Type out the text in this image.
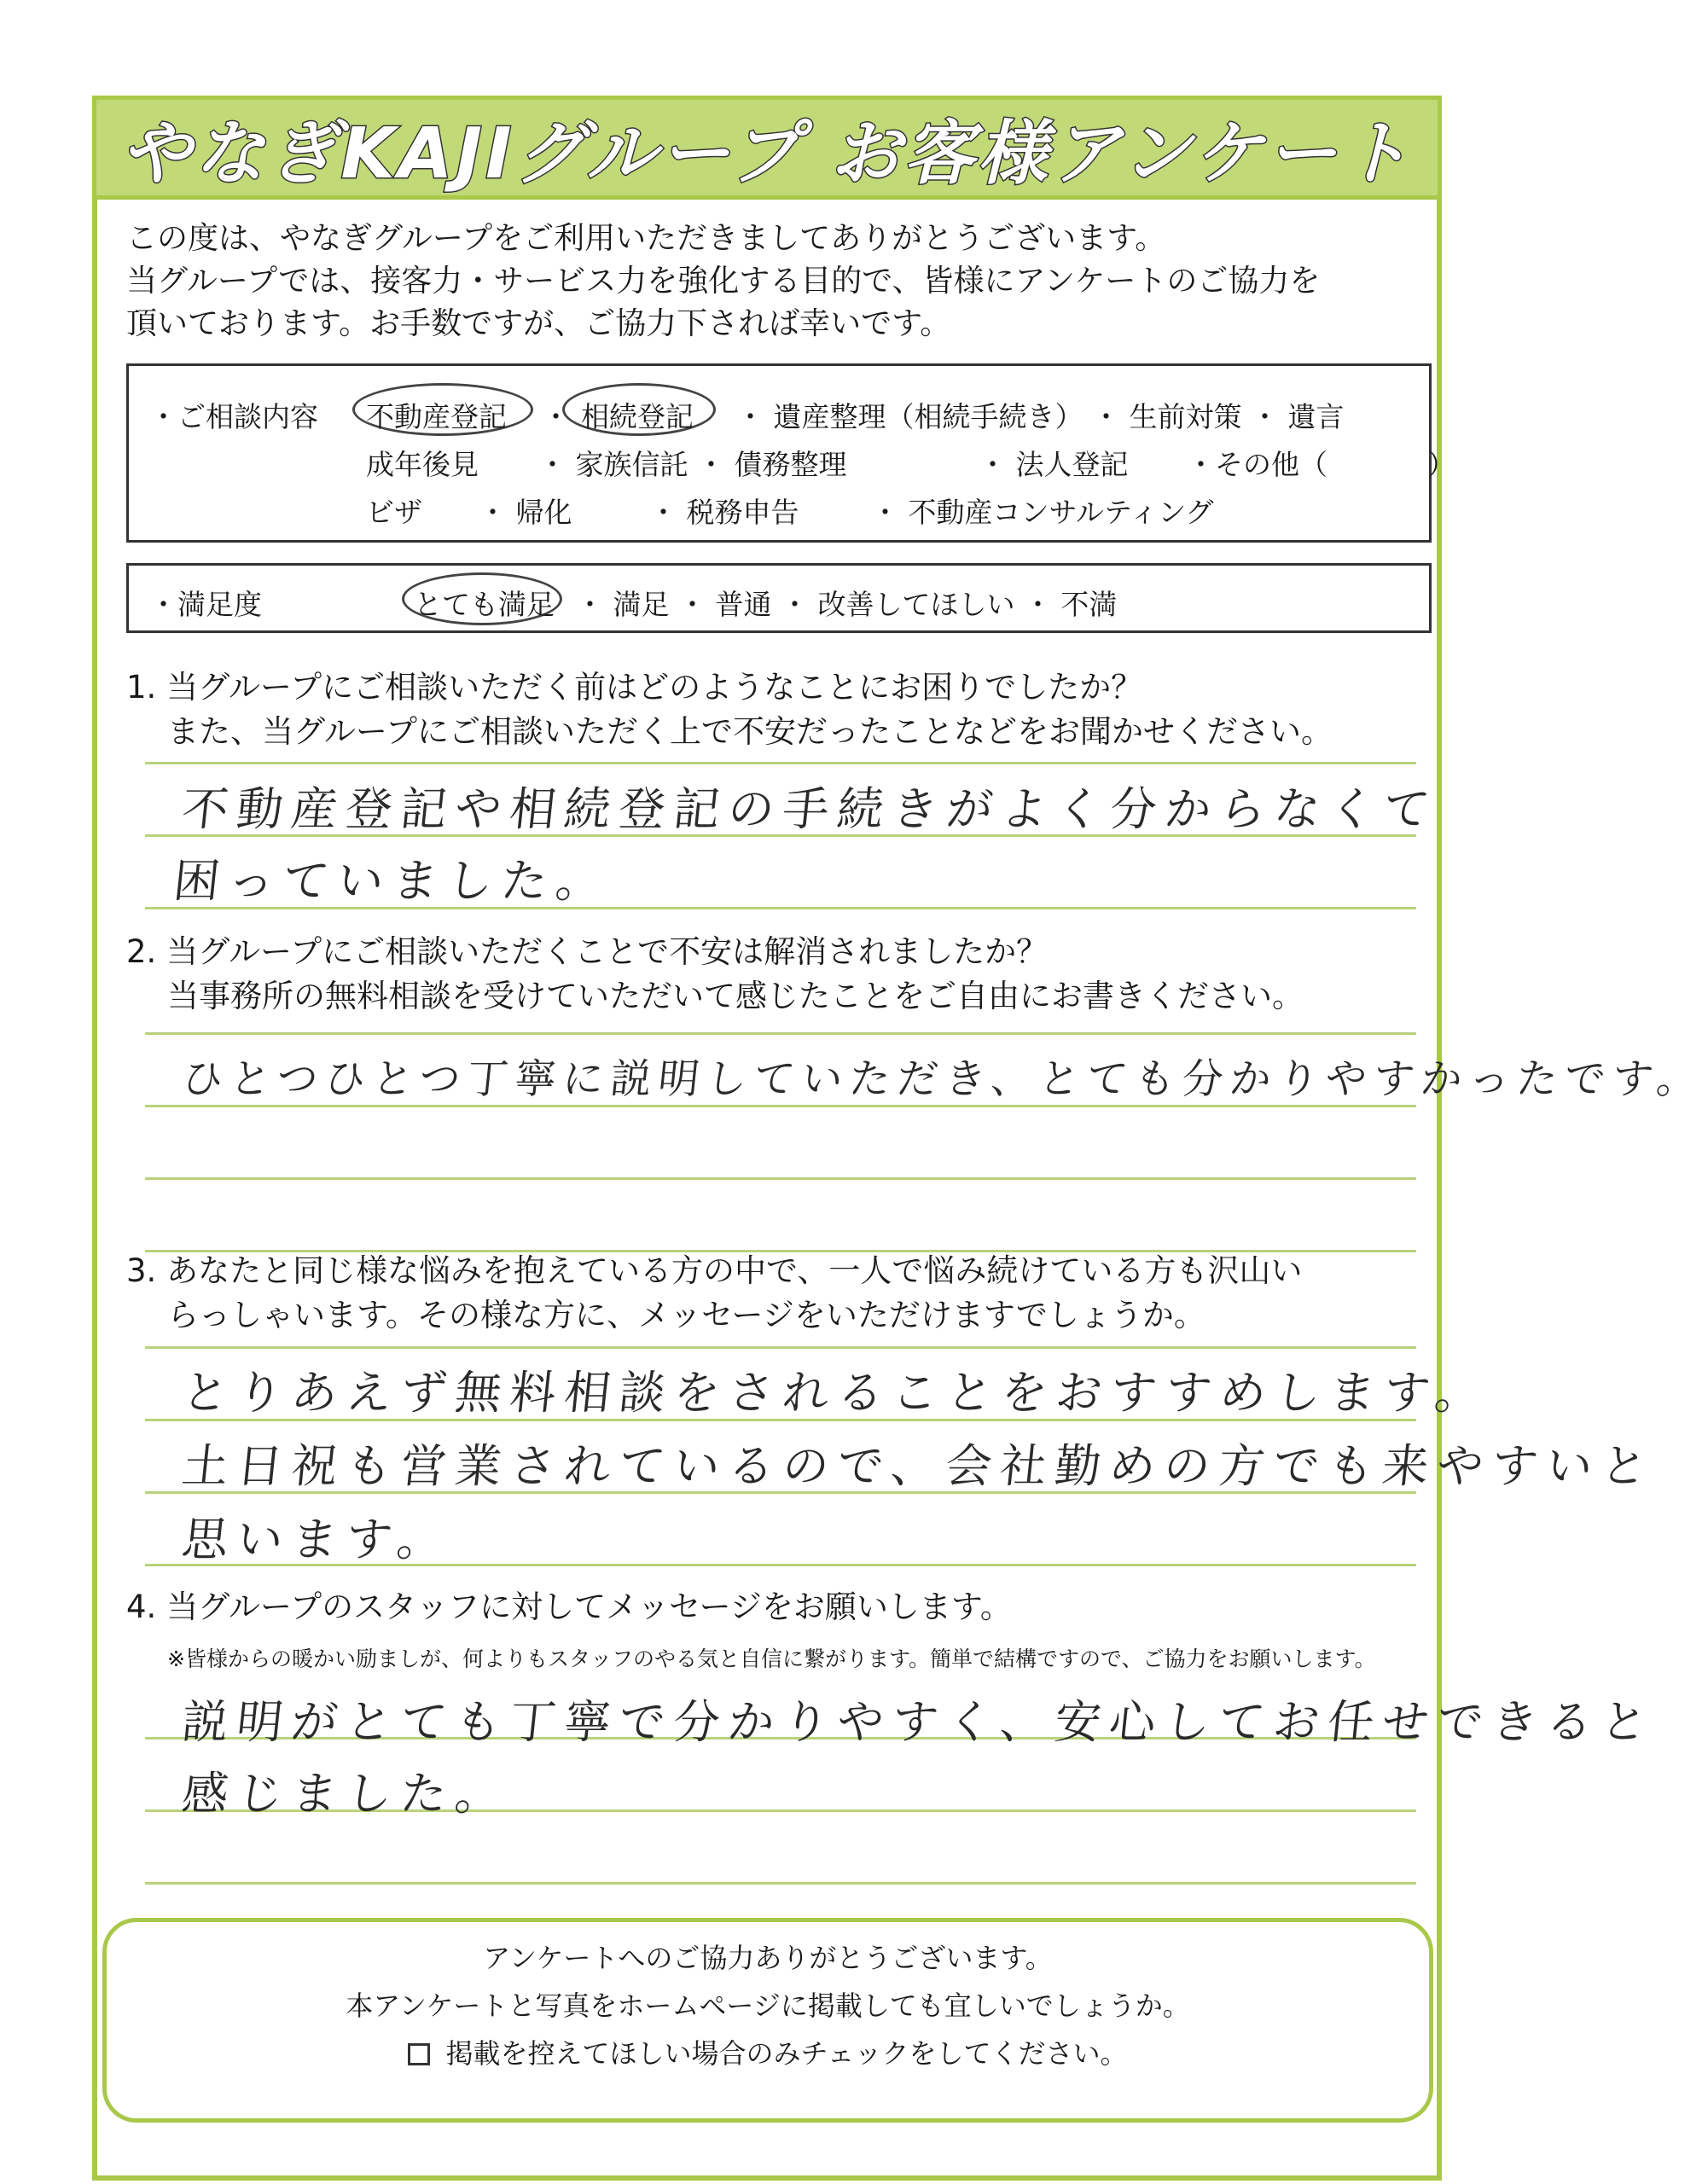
やなぎKAJIグループ お客様アンケート
この度は、やなぎグループをご利用いただきましてありがとうございます。
当グループでは、接客力・サービス力を強化する目的で、皆様にアンケートのご協力を
頂いております。お手数ですが、ご協力下されば幸いです。
・ご相談内容 不動産登記 ・ 相続登記 ・ 遺産整理（相続手続き） ・ 生前対策 ・ 遺言
成年後見 ・ 家族信託 ・ 債務整理	・ 法人登記 ・その他（	）
ビザ ・ 帰化	・ 税務申告	・ 不動産コンサルティング
・満足度	とても満足 ・ 満足 ・ 普通 ・ 改善してほしい ・ 不満
1. 当グループにご相談いただく前はどのようなことにお困りでしたか？
また、当グループにご相談いただく上で不安だったことなどをお聞かせください。
不動産登記や相続登記の手続きがよく分からなくて
困っていました。
2. 当グループにご相談いただくことで不安は解消されましたか？
当事務所の無料相談を受けていただいて感じたことをご自由にお書きください。
ひとつひとつ丁寧に説明していただき、とても分かりやすかったです。
3. あなたと同じ様な悩みを抱えている方の中で、一人で悩み続けている方も沢山い
らっしゃいます。その様な方に、メッセージをいただけますでしょうか。
とりあえず無料相談をされることをおすすめします。
土日祝も営業されているので、会社勤めの方でも来やすいと
思います。
4. 当グループのスタッフに対してメッセージをお願いします。
※皆様からの暖かい励ましが、何よりもスタッフのやる気と自信に繋がります。簡単で結構ですので、ご協力をお願いします。
説明がとても丁寧で分かりやすく、安心してお任せできると
感じました。
アンケートへのご協力ありがとうございます。
本アンケートと写真をホームページに掲載しても宜しいでしょうか。
掲載を控えてほしい場合のみチェックをしてください。
